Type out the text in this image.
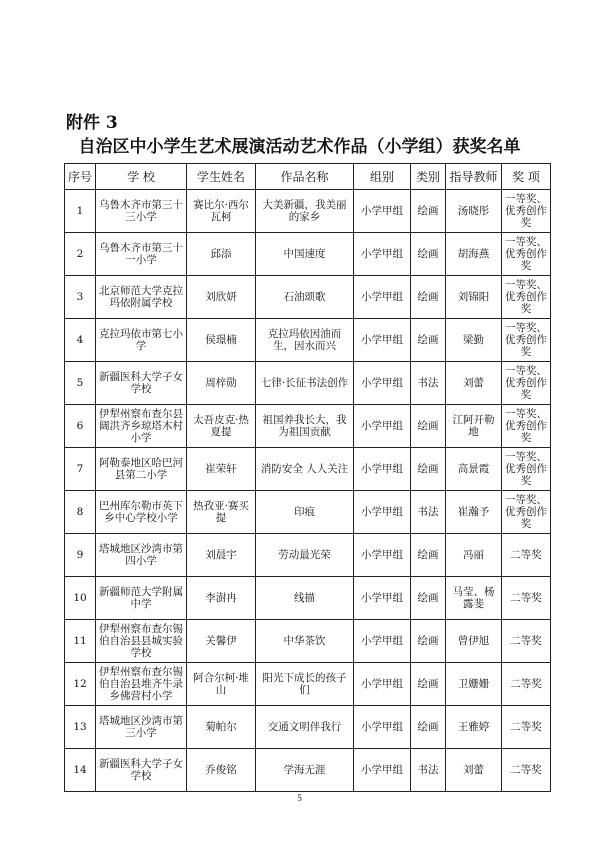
附件 3
自治区中小学生艺术展演活动艺术作品（小学组）获奖名单
序号	学 校	学生姓名	作品名称	组别	类别	指导教师	奖 项
1	乌鲁木齐市第三十三小学	赛比尔·西尔瓦柯	大美新疆，我美丽的家乡	小学甲组	绘画	汤晓彤	一等奖、优秀创作奖
2	乌鲁木齐市第三十一小学	邱添	中国速度	小学甲组	绘画	胡海燕	一等奖、优秀创作奖
3	北京师范大学克拉玛依附属学校	刘欣妍	石油颂歌	小学甲组	绘画	刘锦阳	一等奖、优秀创作奖
4	克拉玛依市第七小学	侯璟楠	克拉玛依因油而生，因水而兴	小学甲组	绘画	梁勤	一等奖、优秀创作奖
5	新疆医科大学子女学校	周梓勋	七律·长征书法创作	小学甲组	书法	刘蕾	一等奖、优秀创作奖
6	伊犁州察布查尔县阔洪齐乡琼塔木村小学	太吾皮克·热夏提	祖国养我长大，我为祖国贡献	小学甲组	绘画	江阿开勒地	一等奖、优秀创作奖
7	阿勒泰地区哈巴河县第二小学	崔荣轩	消防安全 人人关注	小学甲组	绘画	高景霞	一等奖、优秀创作奖
8	巴州库尔勒市英下乡中心学校小学	热孜亚·赛买提	印痕	小学甲组	书法	崔瀚予	一等奖、优秀创作奖
9	塔城地区沙湾市第四小学	刘晨宇	劳动最光荣	小学甲组	绘画	冯丽	二等奖
10	新疆师范大学附属中学	李澍冉	线描	小学甲组	绘画	马莹、杨露斐	二等奖
11	伊犁州察布查尔锡伯自治县县城实验学校	关馨伊	中华茶饮	小学甲组	绘画	曾伊旭	二等奖
12	伊犁州察布查尔锡伯自治县堆齐牛录乡佛营村小学	阿合尔柯·堆山	阳光下成长的孩子们	小学甲组	绘画	卫姗姗	二等奖
13	塔城地区沙湾市第三小学	菊帕尔	交通文明伴我行	小学甲组	绘画	王雅婷	二等奖
14	新疆医科大学子女学校	乔俊铭	学海无涯	小学甲组	书法	刘蕾	二等奖
5
